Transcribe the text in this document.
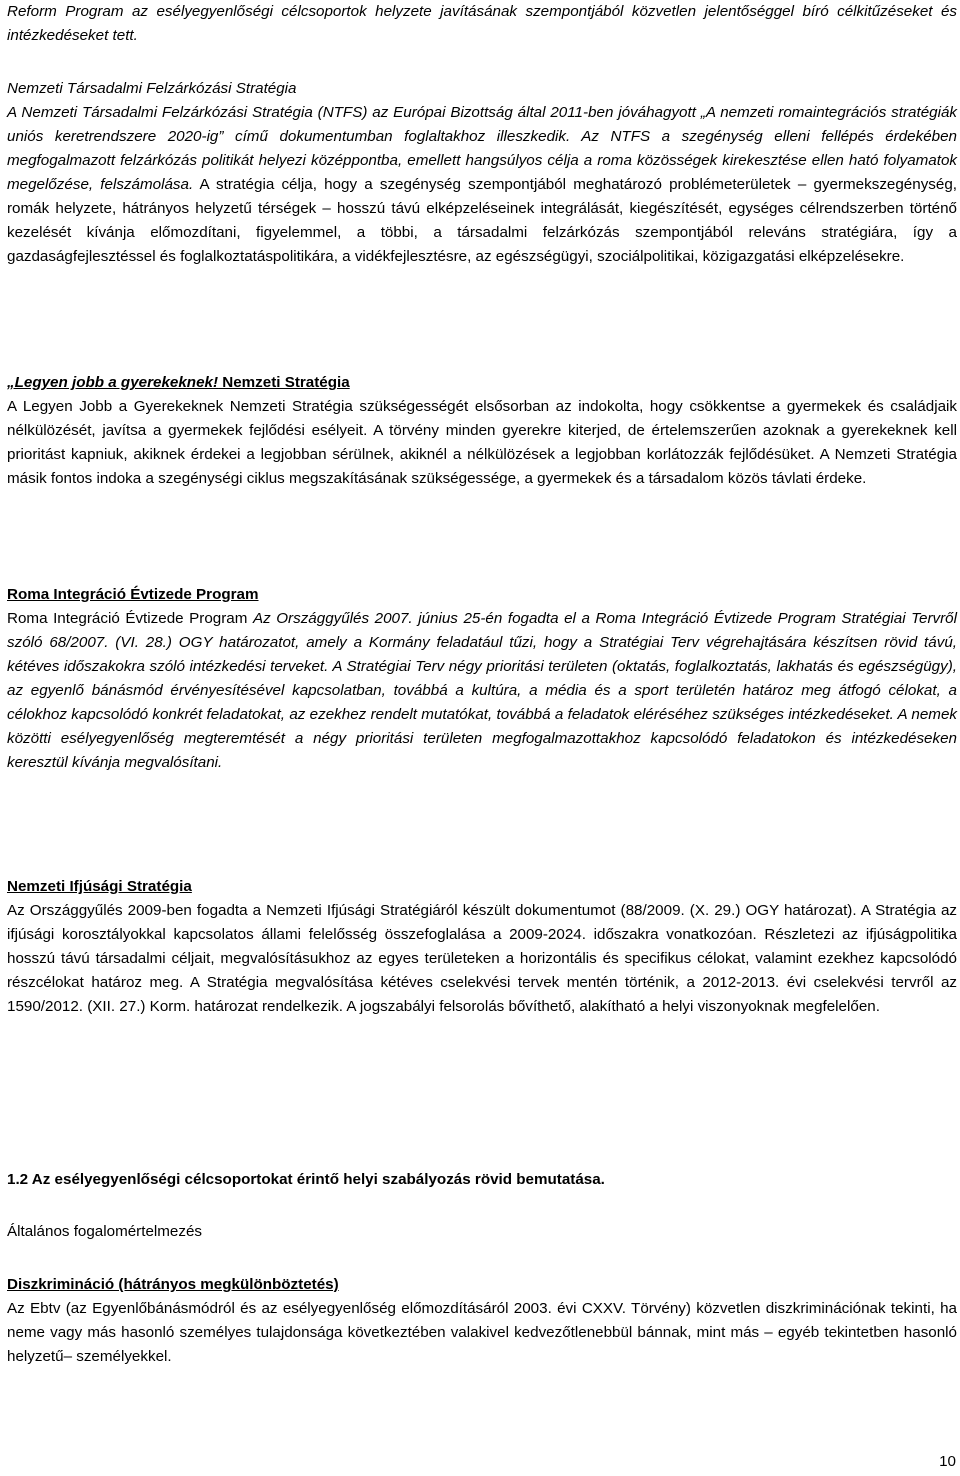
Reform Program az esélyegyenlőségi célcsoportok helyzete javításának szempontjából közvetlen jelentőséggel bíró célkitűzéseket és intézkedéseket tett.

Nemzeti Társadalmi Felzárkózási Stratégia

A Nemzeti Társadalmi Felzárkózási Stratégia (NTFS) az Európai Bizottság által 2011-ben jóváhagyott „A nemzeti romaintegrációs stratégiák uniós keretrendszere 2020-ig” című dokumentumban foglaltakhoz illeszkedik. Az NTFS a szegénység elleni fellépés érdekében megfogalmazott felzárkózás politikát helyezi középpontba, emellett hangsúlyos célja a roma közösségek kirekesztése ellen ható folyamatok megelőzése, felszámolása. A stratégia célja, hogy a szegénység szempontjából meghatározó problémeterületek – gyermekszegénység, romák helyzete, hátrányos helyzetű térségek – hosszú távú elképzeléseinek integrálását, kiegészítését, egységes célrendszerben történő kezelését kívánja előmozdítani, figyelemmel, a többi, a társadalmi felzárkózás szempontjából releváns stratégiára, így a gazdaságfejlesztéssel és foglalkoztatáspolitikára, a vidékfejlesztésre, az egészségügyi, szociálpolitikai, közigazgatási elképzelésekre.

„Legyen jobb a gyerekeknek! Nemzeti Stratégia

A Legyen Jobb a Gyerekeknek Nemzeti Stratégia szükségességét elsősorban az indokolta, hogy csökkentse a gyermekek és családjaik nélkülözését, javítsa a gyermekek fejlődési esélyeit. A törvény minden gyerekre kiterjed, de értelemszerűen azoknak a gyerekeknek kell prioritást kapniuk, akiknek érdekei a legjobban sérülnek, akiknél a nélkülözések a legjobban korlátozzák fejlődésüket. A Nemzeti Stratégia másik fontos indoka a szegénységi ciklus megszakításának szükségessége, a gyermekek és a társadalom közös távlati érdeke.

Roma Integráció Évtizede Program

Roma Integráció Évtizede Program Az Országgyűlés 2007. június 25-én fogadta el a Roma Integráció Évtizede Program Stratégiai Tervről szóló 68/2007. (VI. 28.) OGY határozatot, amely a Kormány feladatául tűzi, hogy a Stratégiai Terv végrehajtására készítsen rövid távú, kétéves időszakokra szóló intézkedési terveket. A Stratégiai Terv négy prioritási területen (oktatás, foglalkoztatás, lakhatás és egészségügy), az egyenlő bánásmód érvényesítésével kapcsolatban, továbbá a kultúra, a média és a sport területén határoz meg átfogó célokat, a célokhoz kapcsolódó konkrét feladatokat, az ezekhez rendelt mutatókat, továbbá a feladatok eléréséhez szükséges intézkedéseket. A nemek közötti esélyegyenlőség megteremtését a négy prioritási területen megfogalmazottakhoz kapcsolódó feladatokon és intézkedéseken keresztül kívánja megvalósítani.

Nemzeti Ifjúsági Stratégia

Az Országgyűlés 2009-ben fogadta a Nemzeti Ifjúsági Stratégiáról készült dokumentumot (88/2009. (X. 29.) OGY határozat). A Stratégia az ifjúsági korosztályokkal kapcsolatos állami felelősség összefoglalása a 2009-2024. időszakra vonatkozóan. Részletezi az ifjúságpolitika hosszú távú társadalmi céljait, megvalósításukhoz az egyes területeken a horizontális és specifikus célokat, valamint ezekhez kapcsolódó részcélokat határoz meg. A Stratégia megvalósítása kétéves cselekvési tervek mentén történik, a 2012-2013. évi cselekvési tervről az 1590/2012. (XII. 27.) Korm. határozat rendelkezik. A jogszabályi felsorolás bővíthető, alakítható a helyi viszonyoknak megfelelően.

1.2 Az esélyegyenlőségi célcsoportokat érintő helyi szabályozás rövid bemutatása.

Általános fogalomértelmezés

Diszkrimináció (hátrányos megkülönböztetés)

Az Ebtv (az Egyenlőbánásmódról és az esélyegyenlőség előmozdításáról 2003. évi CXXV. Törvény) közvetlen diszkriminációnak tekinti, ha neme vagy más hasonló személyes tulajdonsága következtében valakivel kedvezőtlenebbül bánnak, mint más – egyéb tekintetben hasonló helyzetű– személyekkel.

10
